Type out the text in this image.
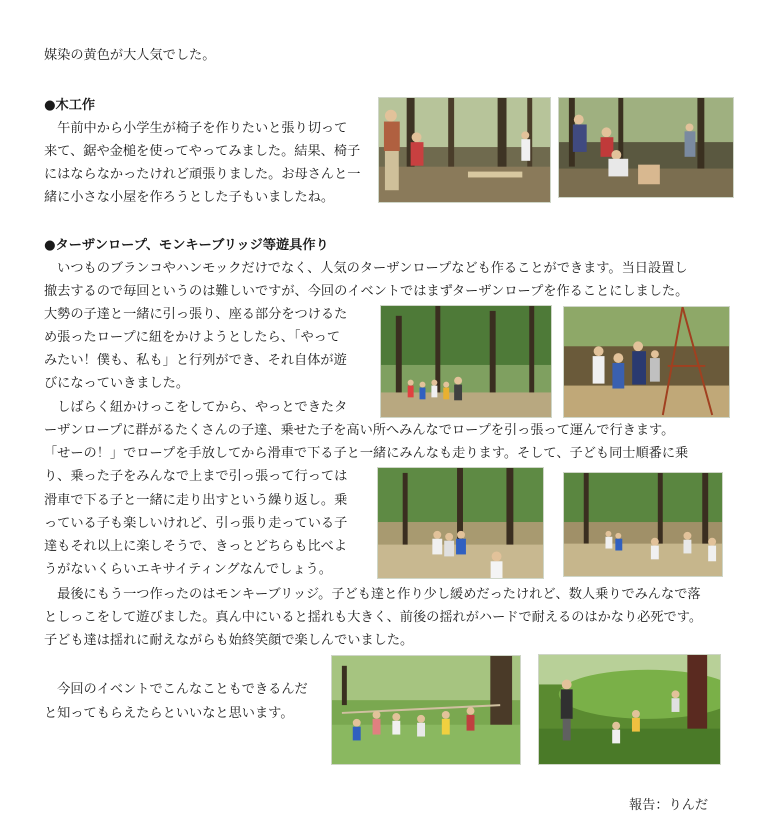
媒染の黄色が大人気でした。
●木工作
　午前中から小学生が椅子を作りたいと張り切って
来て、鋸や金槌を使ってやってみました。結果、椅子
にはならなかったけれど頑張りました。お母さんと一
緒に小さな小屋を作ろうとした子もいましたね。
●ターザンロープ、モンキーブリッジ等遊具作り
　いつものブランコやハンモックだけでなく、人気のターザンロープなども作ることができます。当日設置し
撤去するので毎回というのは難しいですが、今回のイベントではまずターザンロープを作ることにしました。
大勢の子達と一緒に引っ張り、座る部分をつけるた
め張ったロープに紐をかけようとしたら、「やって
みたい！僕も、私も」と行列ができ、それ自体が遊
びになっていきました。
　しばらく紐かけっこをしてから、やっとできたタ
ーザンロープに群がるたくさんの子達、乗せた子を高い所へみんなでロープを引っ張って運んで行きます。
「せーの！」でロープを手放してから滑車で下る子と一緒にみんなも走ります。そして、子ども同士順番に乗
り、乗った子をみんなで上まで引っ張って行っては
滑車で下る子と一緒に走り出すという繰り返し。乗
っている子も楽しいけれど、引っ張り走っている子
達もそれ以上に楽しそうで、きっとどちらも比べよ
うがないくらいエキサイティングなんでしょう。
　最後にもう一つ作ったのはモンキーブリッジ。子ども達と作り少し緩めだったけれど、数人乗りでみんなで落
としっこをして遊びました。真ん中にいると揺れも大きく、前後の揺れがハードで耐えるのはかなり必死です。
子ども達は揺れに耐えながらも始終笑顔で楽しんでいました。
　今回のイベントでこんなこともできるんだ
と知ってもらえたらといいなと思います。
報告：りんだ
